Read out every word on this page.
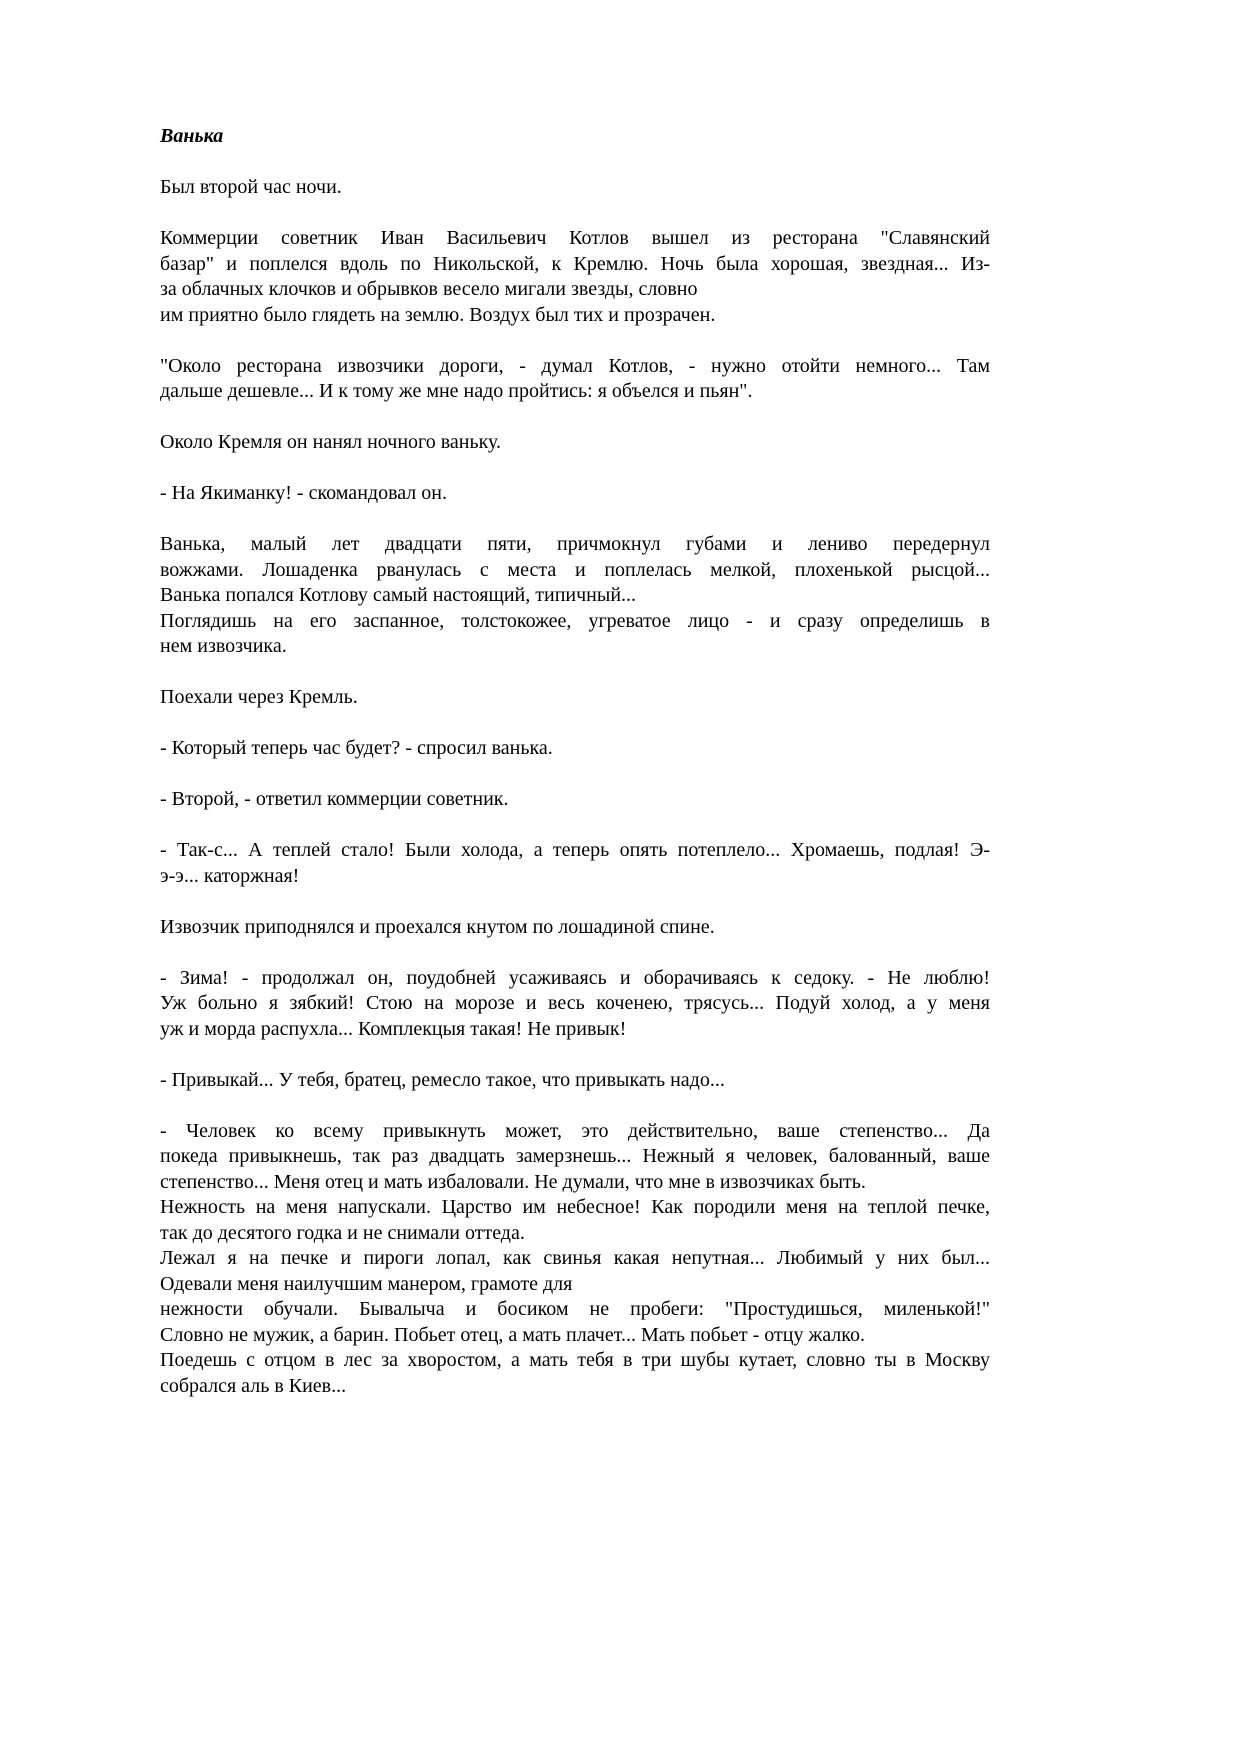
Ванька
Был второй час ночи.
Коммерции советник Иван Васильевич Котлов вышел из ресторана "Славянский
базар" и поплелся вдоль по Никольской, к Кремлю. Ночь была хорошая, звездная... Из-
за облачных клочков и обрывков весело мигали звезды, словно
им приятно было глядеть на землю. Воздух был тих и прозрачен.
"Около ресторана извозчики дороги, - думал Котлов, - нужно отойти немного... Там
дальше дешевле... И к тому же мне надо пройтись: я объелся и пьян".
Около Кремля он нанял ночного ваньку.
- На Якиманку! - скомандовал он.
Ванька, малый лет двадцати пяти, причмокнул губами и лениво передернул
вожжами. Лошаденка рванулась с места и поплелась мелкой, плохенькой рысцой...
Ванька попался Котлову самый настоящий, типичный...
Поглядишь на его заспанное, толстокожее, угреватое лицо - и сразу определишь в
нем извозчика.
Поехали через Кремль.
- Который теперь час будет? - спросил ванька.
- Второй, - ответил коммерции советник.
- Так-с... А теплей стало! Были холода, а теперь опять потеплело... Хромаешь, подлая! Э-
э-э... каторжная!
Извозчик приподнялся и проехался кнутом по лошадиной спине.
- Зима! - продолжал он, поудобней усаживаясь и оборачиваясь к седоку. - Не люблю!
Уж больно я зябкий! Стою на морозе и весь коченею, трясусь... Подуй холод, а у меня
уж и морда распухла... Комплекцыя такая! Не привык!
- Привыкай... У тебя, братец, ремесло такое, что привыкать надо...
- Человек ко всему привыкнуть может, это действительно, ваше степенство... Да
покеда привыкнешь, так раз двадцать замерзнешь... Нежный я человек, балованный, ваше
степенство... Меня отец и мать избаловали. Не думали, что мне в извозчиках быть.
Нежность на меня напускали. Царство им небесное! Как породили меня на теплой печке,
так до десятого годка и не снимали оттеда.
Лежал я на печке и пироги лопал, как свинья какая непутная... Любимый у них был...
Одевали меня наилучшим манером, грамоте для
нежности обучали. Бывалыча и босиком не пробеги: "Простудишься, миленькой!"
Словно не мужик, а барин. Побьет отец, а мать плачет... Мать побьет - отцу жалко.
Поедешь с отцом в лес за хворостом, а мать тебя в три шубы кутает, словно ты в Москву
собрался аль в Киев...
